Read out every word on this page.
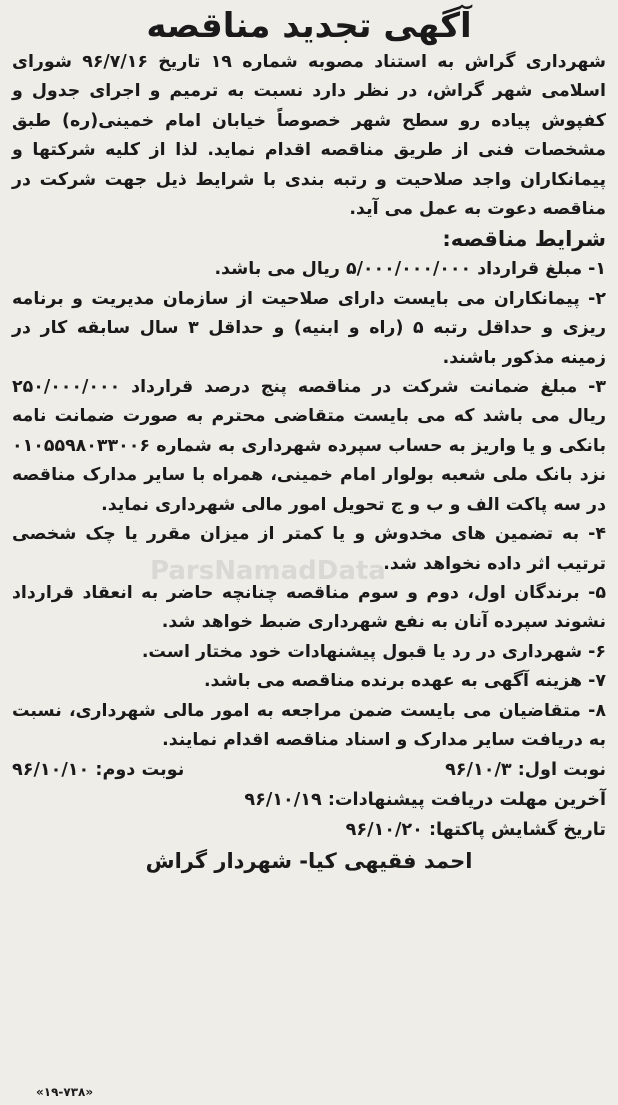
آگهی تجدید مناقصه

شهرداری گراش به استناد مصوبه شماره ۱۹ تاریخ ۹۶/۷/۱۶ شورای اسلامی شهر گراش، در نظر دارد نسبت به ترمیم و اجرای جدول و کفپوش پیاده رو سطح شهر خصوصاً خیابان امام خمینی(ره) طبق مشخصات فنی از طریق مناقصه اقدام نماید. لذا از کلیه شرکتها و پیمانکاران واجد صلاحیت و رتبه بندی با شرایط ذیل جهت شرکت در مناقصه دعوت به عمل می آید.

شرایط مناقصه:

۱- مبلغ قرارداد ۵/۰۰۰/۰۰۰/۰۰۰ ریال می باشد.

۲- پیمانکاران می بایست دارای صلاحیت از سازمان مدیریت و برنامه ریزی و حداقل رتبه ۵ (راه و ابنیه) و حداقل ۳ سال سابقه کار در زمینه مذکور باشند.

۳- مبلغ ضمانت شرکت در مناقصه پنج درصد قرارداد ۲۵۰/۰۰۰/۰۰۰ ریال می باشد که می بایست متقاضی محترم به صورت ضمانت نامه بانکی و یا واریز به حساب سپرده شهرداری به شماره ۰۱۰۵۵۹۸۰۳۳۰۰۶ نزد بانک ملی شعبه بولوار امام خمینی، همراه با سایر مدارک مناقصه در سه پاکت الف و ب و ج تحویل امور مالی شهرداری نماید.

۴- به تضمین های مخدوش و یا کمتر از میزان مقرر یا چک شخصی ترتیب اثر داده نخواهد شد.

۵- برندگان اول، دوم و سوم مناقصه چنانچه حاضر به انعقاد قرارداد نشوند سپرده آنان به نفع شهرداری ضبط خواهد شد.

۶- شهرداری در رد یا قبول پیشنهادات خود مختار است.

۷- هزینه آگهی به عهده برنده مناقصه می باشد.

۸- متقاضیان می بایست ضمن مراجعه به امور مالی شهرداری، نسبت به دریافت سایر مدارک و اسناد مناقصه اقدام نمایند.

نوبت اول: ۹۶/۱۰/۳
نوبت دوم: ۹۶/۱۰/۱۰

آخرین مهلت دریافت پیشنهادات: ۹۶/۱۰/۱۹

تاریخ گشایش پاکتها: ۹۶/۱۰/۲۰

احمد فقیهی کیا- شهردار گراش

«۱۹-۷۳۸»
ParsNamadData
